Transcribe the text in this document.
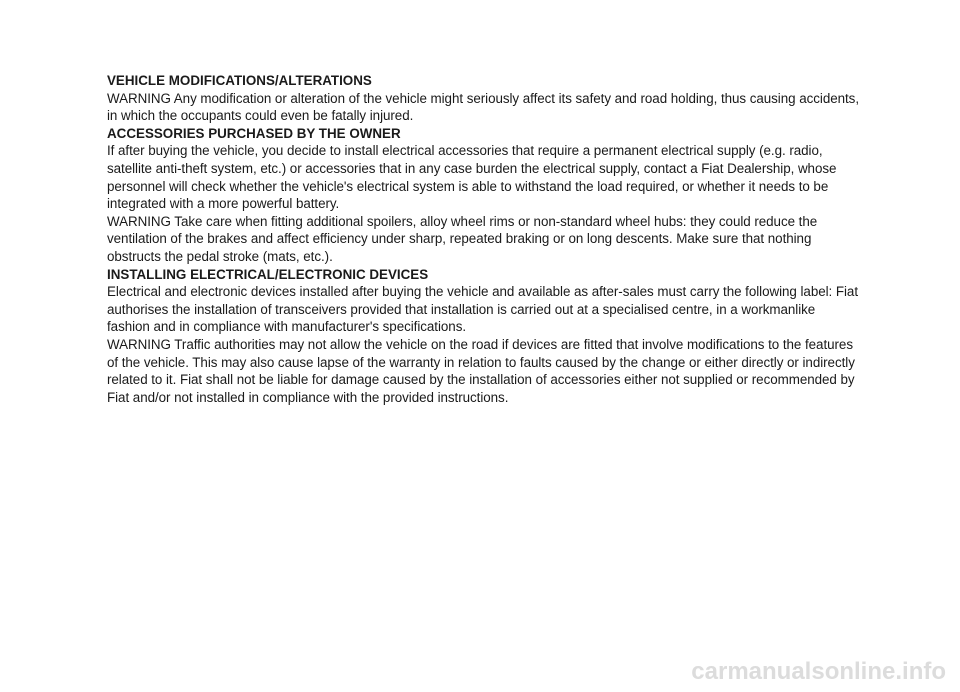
VEHICLE MODIFICATIONS/ALTERATIONS

WARNING Any modification or alteration of the vehicle might seriously affect its safety and road holding, thus causing accidents, in which the occupants could even be fatally injured.

ACCESSORIES PURCHASED BY THE OWNER

If after buying the vehicle, you decide to install electrical accessories that require a permanent electrical supply (e.g. radio, satellite anti-theft system, etc.) or accessories that in any case burden the electrical supply, contact a Fiat Dealership, whose personnel will check whether the vehicle's electrical system is able to withstand the load required, or whether it needs to be integrated with a more powerful battery.

WARNING Take care when fitting additional spoilers, alloy wheel rims or non-standard wheel hubs: they could reduce the ventilation of the brakes and affect efficiency under sharp, repeated braking or on long descents. Make sure that nothing obstructs the pedal stroke (mats, etc.).

INSTALLING ELECTRICAL/ELECTRONIC DEVICES

Electrical and electronic devices installed after buying the vehicle and available as after-sales must carry the following label: Fiat authorises the installation of transceivers provided that installation is carried out at a specialised centre, in a workmanlike fashion and in compliance with manufacturer's specifications.

WARNING Traffic authorities may not allow the vehicle on the road if devices are fitted that involve modifications to the features of the vehicle. This may also cause lapse of the warranty in relation to faults caused by the change or either directly or indirectly related to it. Fiat shall not be liable for damage caused by the installation of accessories either not supplied or recommended by Fiat and/or not installed in compliance with the provided instructions.

carmanualsonline.info
